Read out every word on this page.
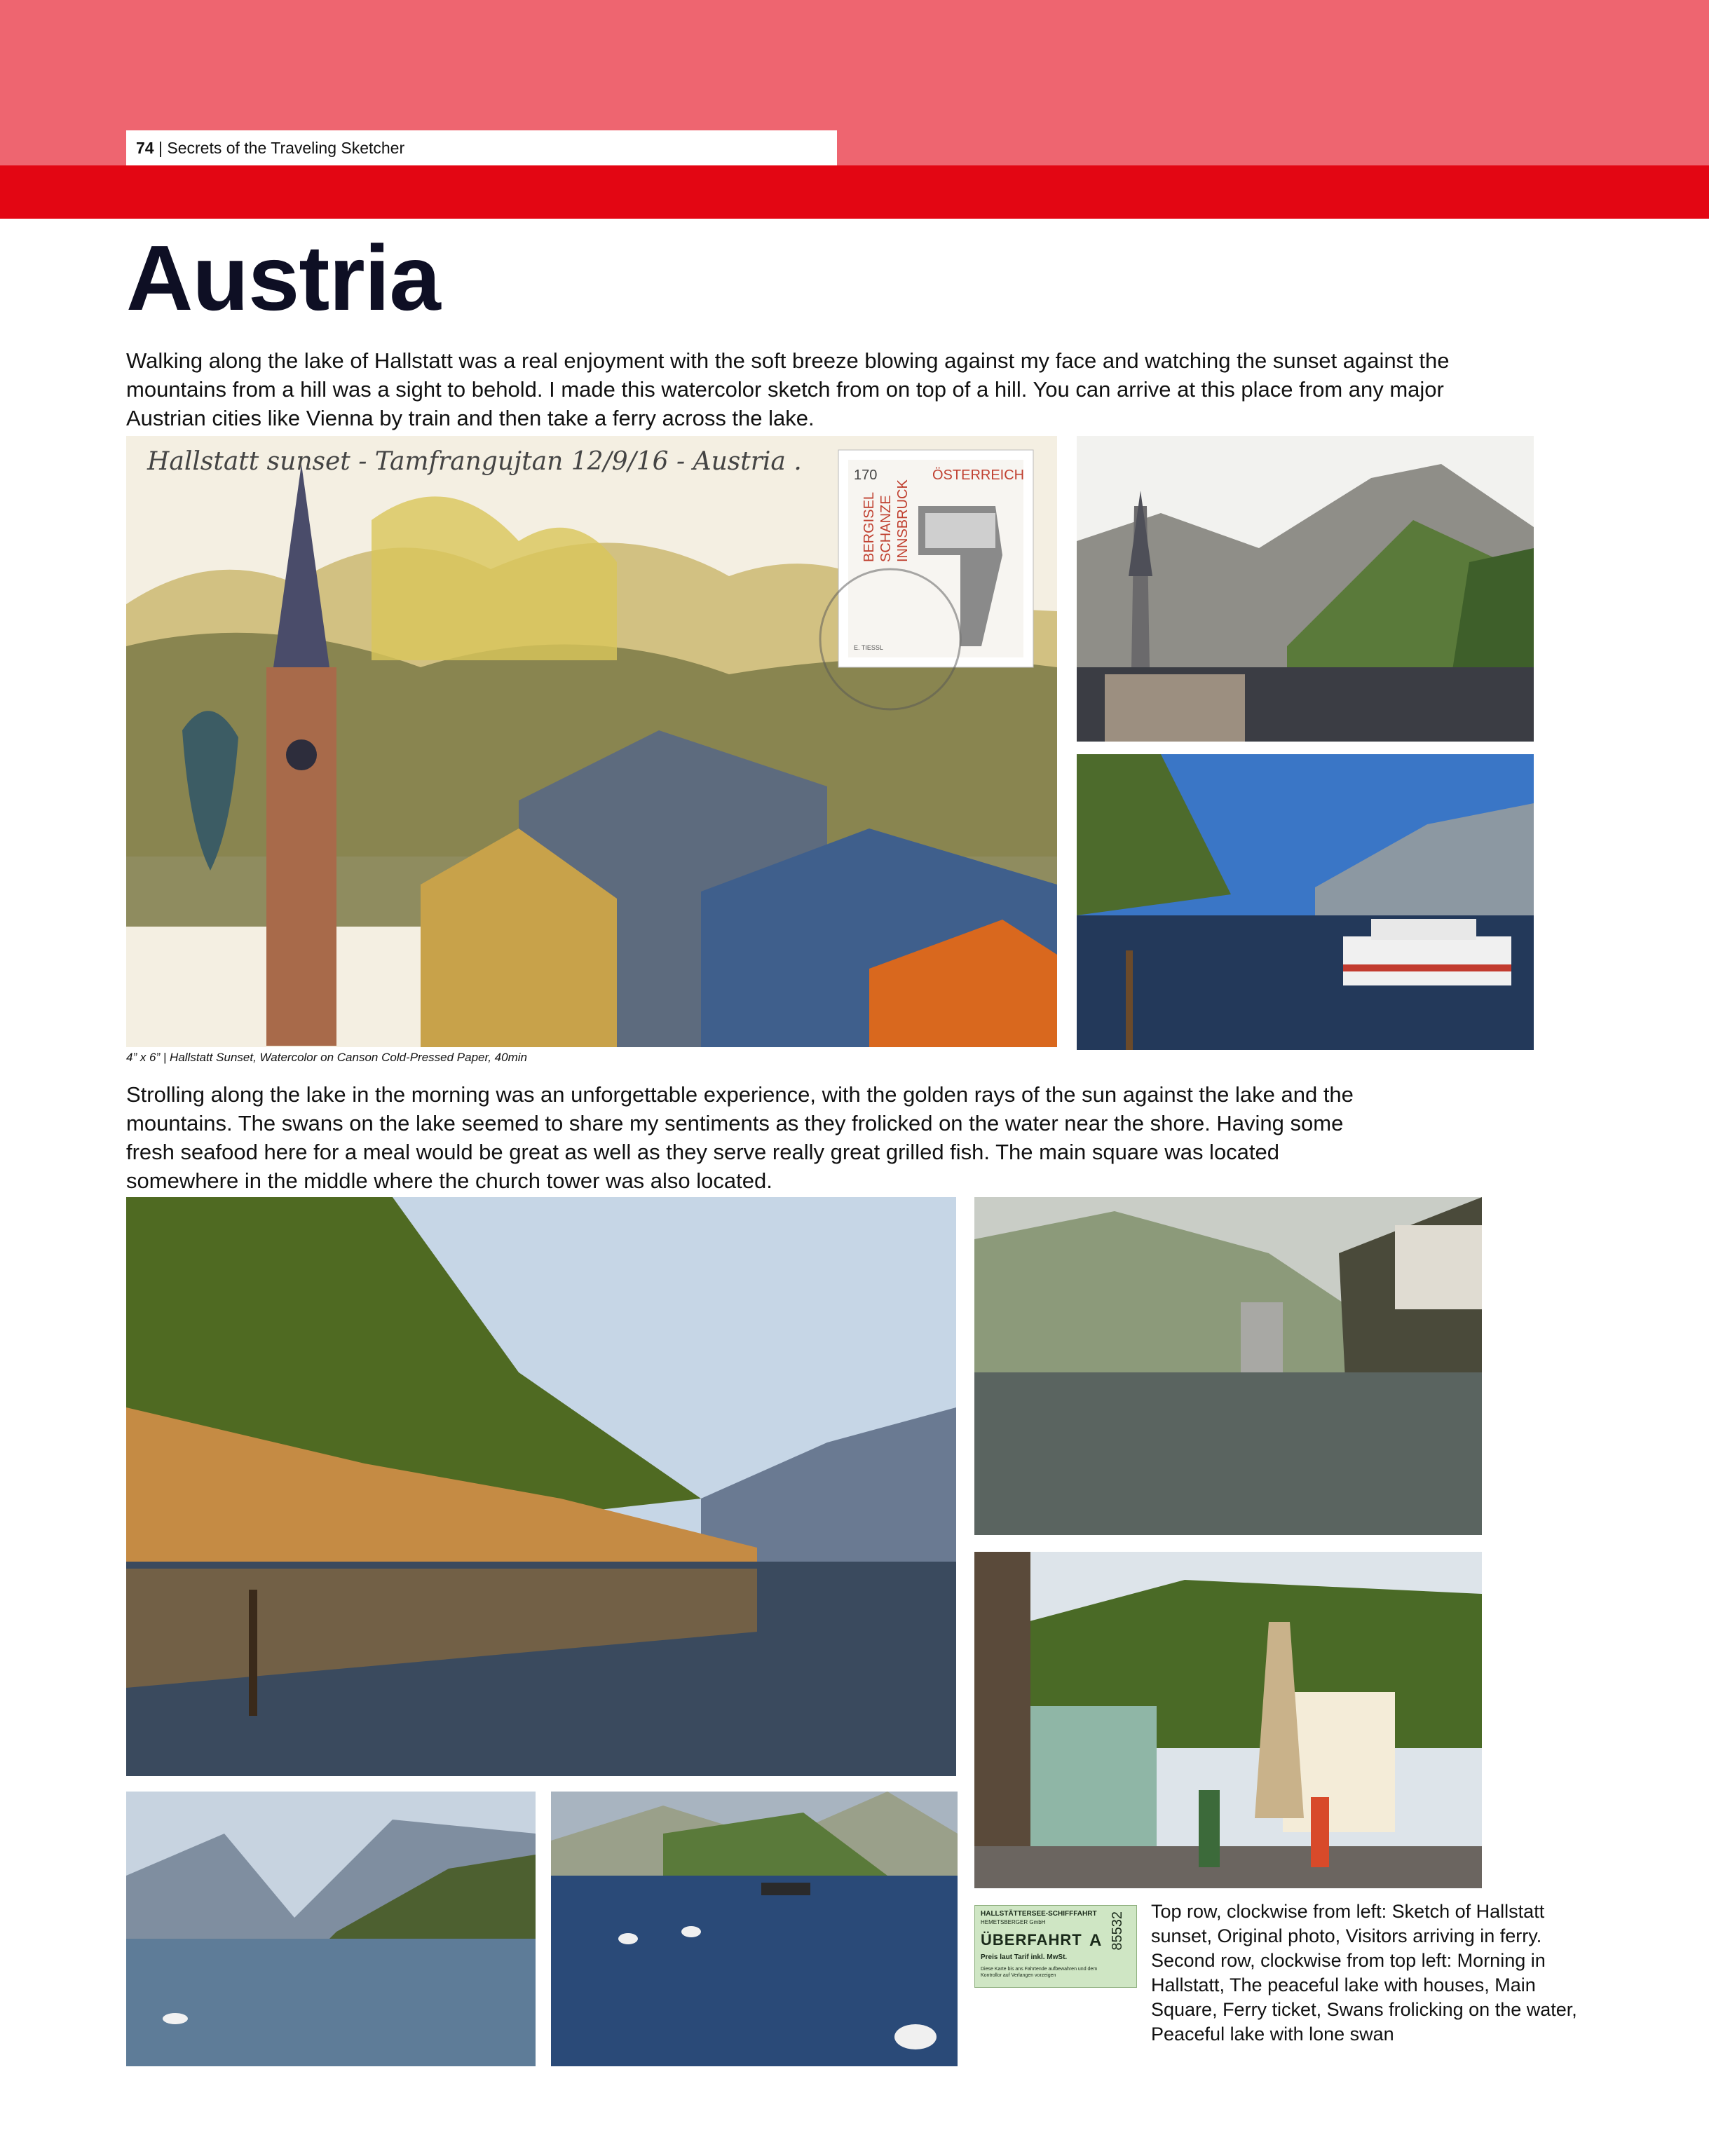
74 | Secrets of the Traveling Sketcher
Austria

Walking along the lake of Hallstatt was a real enjoyment with the soft breeze blowing against my face and watching the sunset against the mountains from a hill was a sight to behold. I made this watercolor sketch from on top of a hill. You can arrive at this place from any major Austrian cities like Vienna by train and then take a ferry across the lake.

Hallstatt sunset - Tamfrangujtan 12/9/16 - Austria .	170	ÖSTERREICH
BERGISEL SCHANZE INNSBRUCK
E. TIESSL
4” x 6” | Hallstatt Sunset, Watercolor on Canson Cold-Pressed Paper, 40min

Strolling along the lake in the morning was an unforgettable experience, with the golden rays of the sun against the lake and the mountains. The swans on the lake seemed to share my sentiments as they frolicked on the water near the shore. Having some fresh seafood here for a meal would be great as well as they serve really great grilled fish. The main square was located somewhere in the middle where the church tower was also located.

HALLSTÄTTERSEE-SCHIFFFAHRT
HEMETSBERGER GmbH
ÜBERFAHRT A
Preis laut Tarif inkl. MwSt.
Diese Karte bis ans Fahrtende aufbewahren und dem Kontrollor auf Verlangen vorzeigen
85532 Top row, clockwise from left: Sketch of Hallstatt sunset, Original photo, Visitors arriving in ferry. Second row, clockwise from top left: Morning in Hallstatt, The peaceful lake with houses, Main Square, Ferry ticket, Swans frolicking on the water, Peaceful lake with lone swan
